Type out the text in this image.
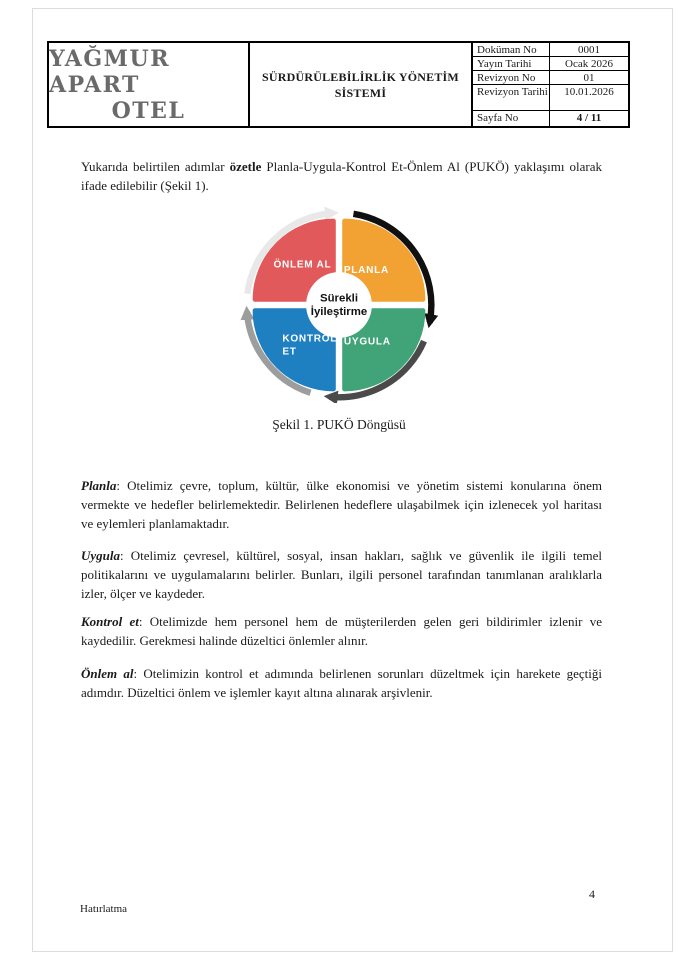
YAĞMUR APART
OTEL
SÜRDÜRÜLEBİLİRLİK YÖNETİM
SİSTEMİ
Doküman No	0001
Yayın Tarihi	Ocak 2026
Revizyon No	01
Revizyon Tarihi	10.01.2026
Sayfa No	4 / 11

Yukarıda belirtilen adımlar özetle Planla-Uygula-Kontrol Et-Önlem Al (PUKÖ) yaklaşımı olarak ifade edilebilir (Şekil 1).

Sürekli
İyileştirme
ÖNLEM AL PLANLA
KONTROL
ET
UYGULA
Şekil 1. PUKÖ Döngüsü

Planla: Otelimiz çevre, toplum, kültür, ülke ekonomisi ve yönetim sistemi konularına önem vermekte ve hedefler belirlemektedir. Belirlenen hedeflere ulaşabilmek için izlenecek yol haritası ve eylemleri planlamaktadır.

Uygula: Otelimiz çevresel, kültürel, sosyal, insan hakları, sağlık ve güvenlik ile ilgili temel politikalarını ve uygulamalarını belirler. Bunları, ilgili personel tarafından tanımlanan aralıklarla izler, ölçer ve kaydeder.

Kontrol et: Otelimizde hem personel hem de müşterilerden gelen geri bildirimler izlenir ve kaydedilir. Gerekmesi halinde düzeltici önlemler alınır.

Önlem al: Otelimizin kontrol et adımında belirlenen sorunları düzeltmek için harekete geçtiği adımdır. Düzeltici önlem ve işlemler kayıt altına alınarak arşivlenir.

Hatırlatma
4
